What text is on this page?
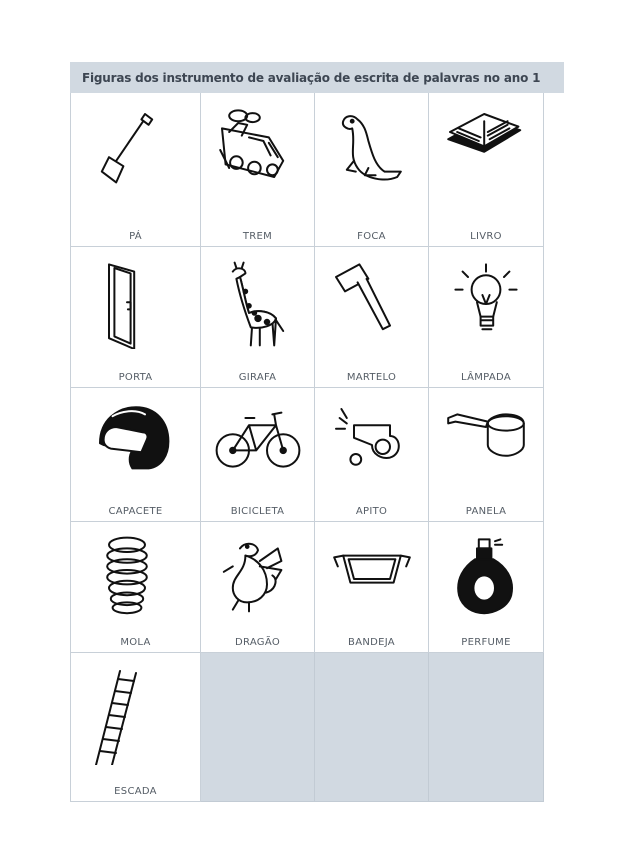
Figuras dos instrumento de avaliação de escrita de palavras no ano 1
PÁ	TREM	FOCA	LIVRO
PORTA	GIRAFA	MARTELO	LÂMPADA
CAPACETE	BICICLETA	APITO	PANELA
MOLA	DRAGÃO	BANDEJA	PERFUME
ESCADA
